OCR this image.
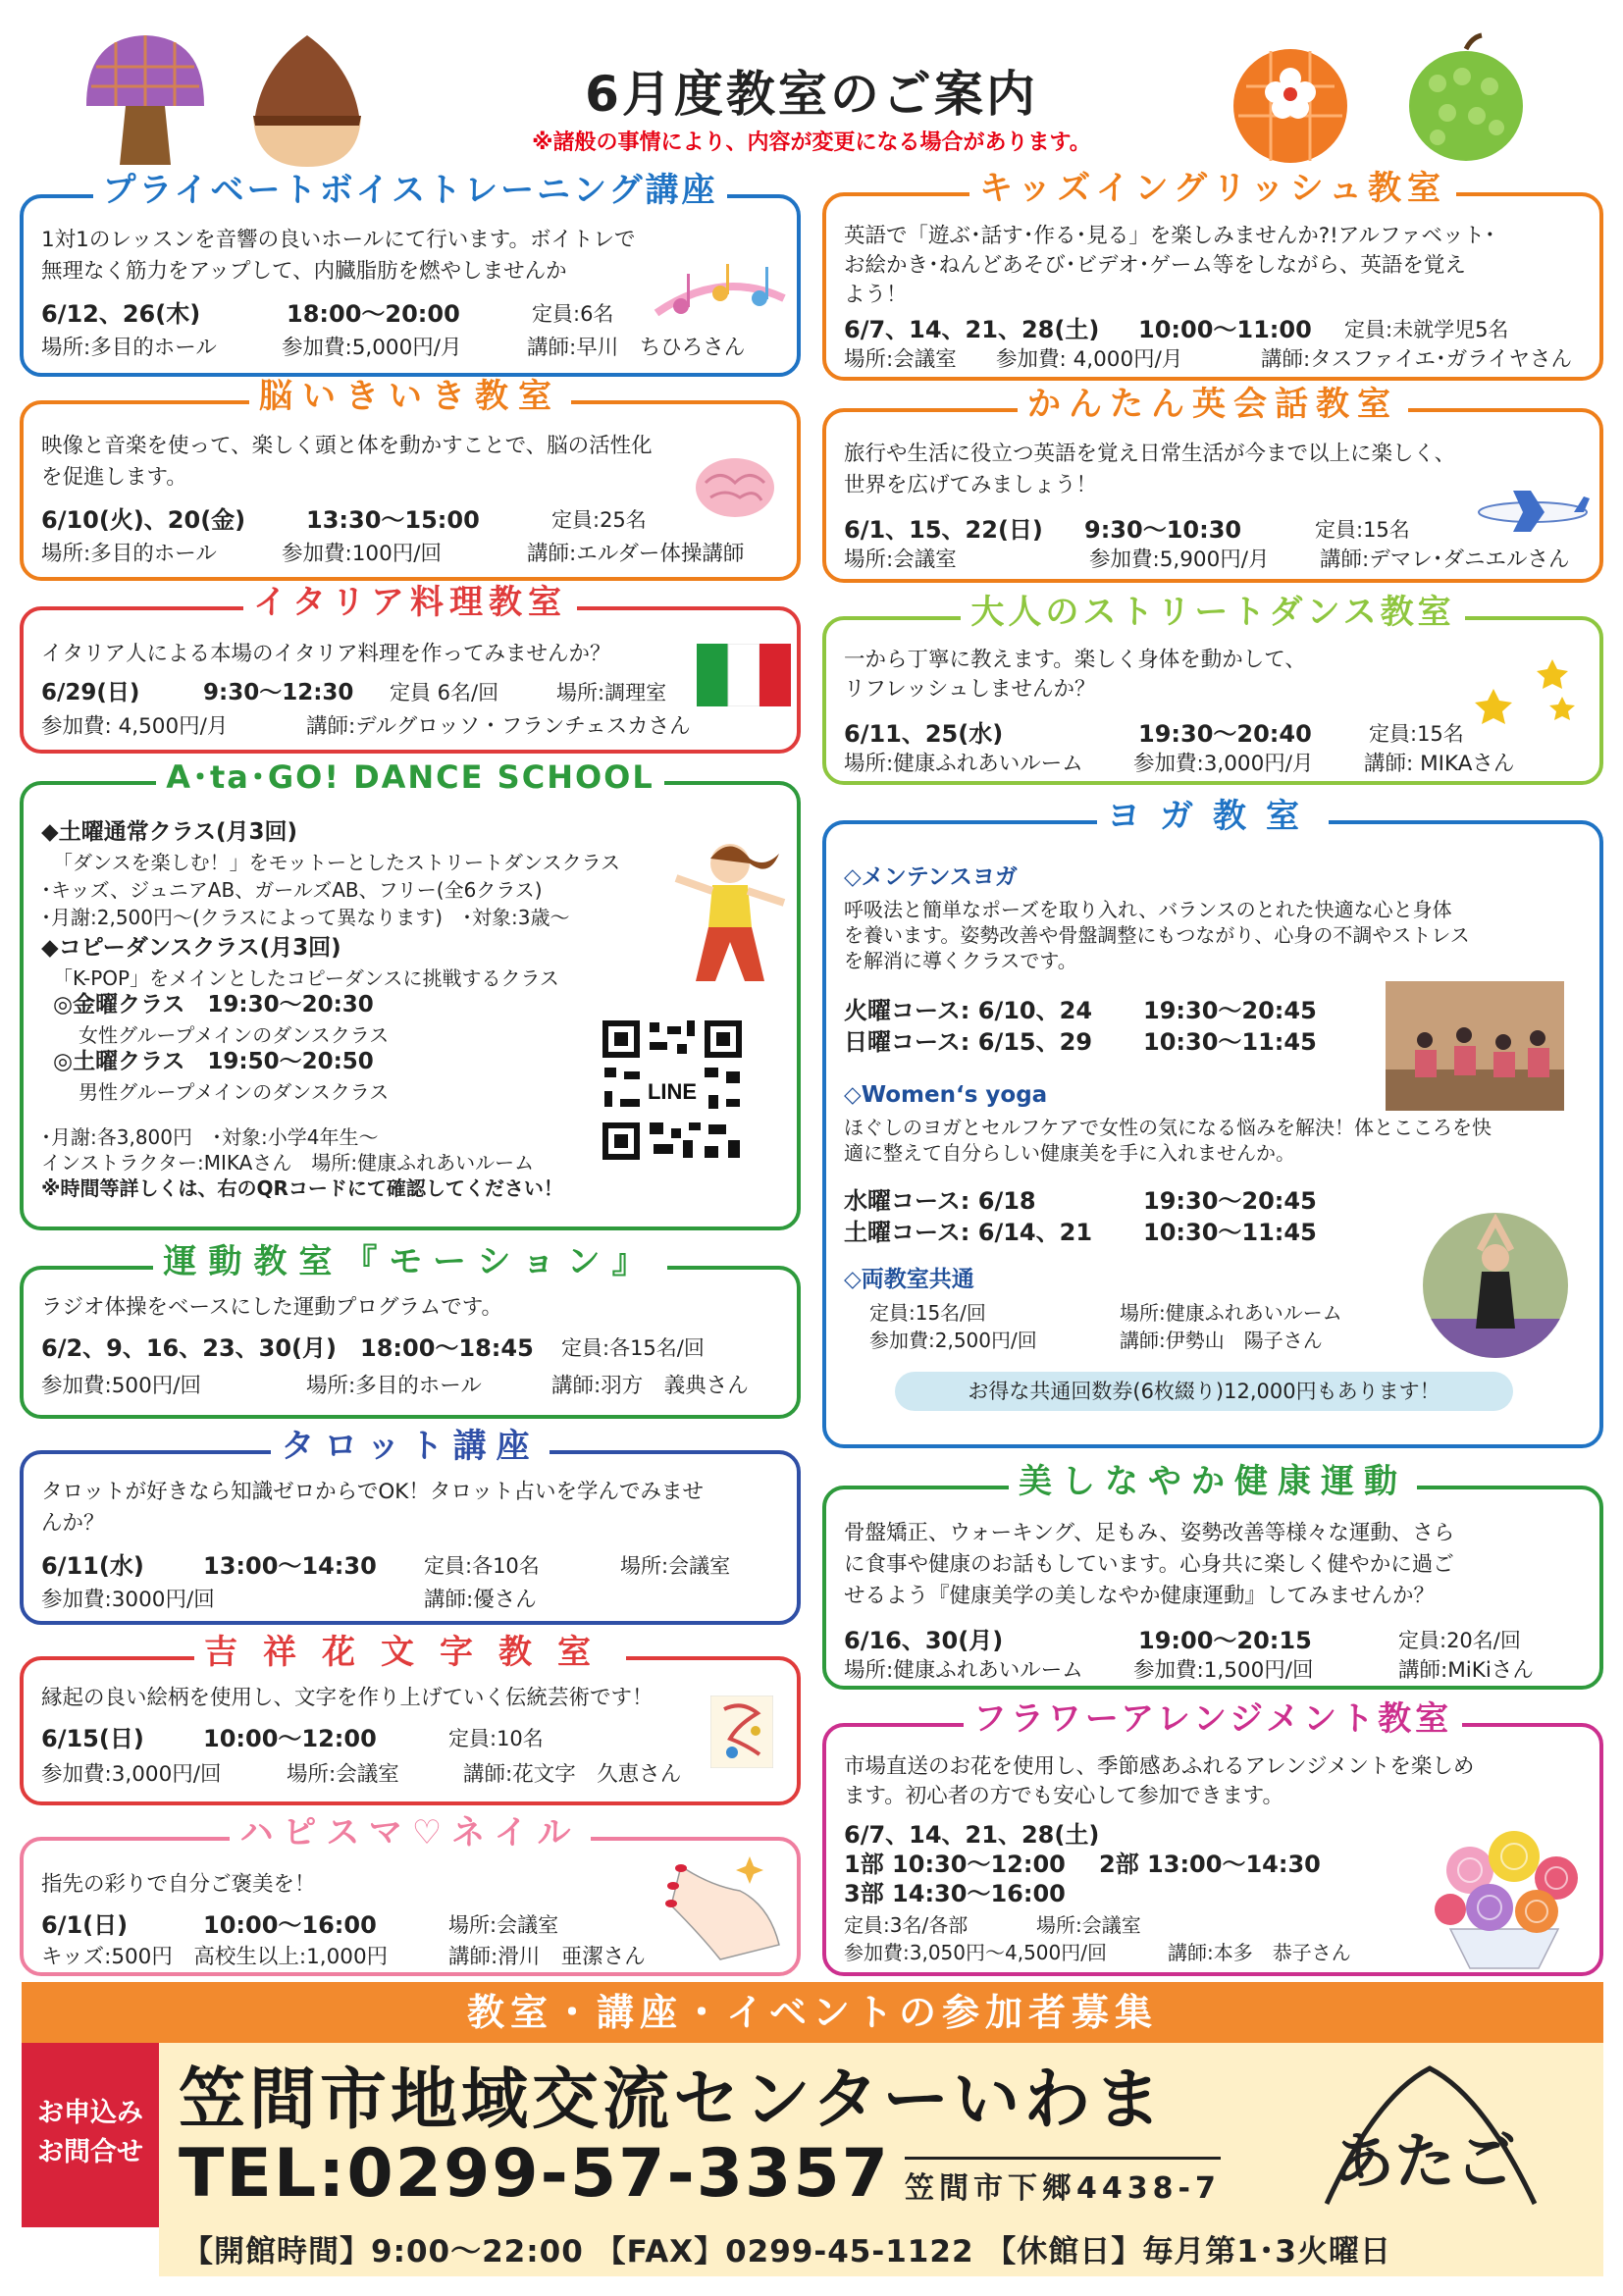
6月度教室のご案内
※諸般の事情により、内容が変更になる場合があります。
プライベートボイストレーニング講座
1対1のレッスンを音響の良いホールにて行います。ボイトレで
無理なく筋力をアップして、内臓脂肪を燃やしませんか
6/12、26(木)	18:00～20:00	定員:6名
場所:多目的ホール	参加費:5,000円/月	講師:早川　ちひろさん
脳いきいき教室
映像と音楽を使って、楽しく頭と体を動かすことで、脳の活性化
を促進します。
6/10(火)、20(金)	13:30～15:00	定員:25名
場所:多目的ホール	参加費:100円/回	講師:エルダー体操講師
イタリア料理教室
イタリア人による本場のイタリア料理を作ってみませんか？
6/29(日)	9:30～12:30	定員 6名/回	場所:調理室
参加費: 4,500円/月	講師:デルグロッソ・フランチェスカさん
A･ta･GO! DANCE SCHOOL
◆土曜通常クラス(月3回)
「ダンスを楽しむ！」をモットーとしたストリートダンスクラス
･キッズ、ジュニアAB、ガールズAB、フリー(全6クラス)
･月謝:2,500円～(クラスによって異なります)　･対象:3歳～
◆コピーダンスクラス(月3回)
「K-POP」をメインとしたコピーダンスに挑戦するクラス
◎金曜クラス　19:30～20:30
女性グループメインのダンスクラス
◎土曜クラス　19:50～20:50
男性グループメインのダンスクラス
･月謝:各3,800円　･対象:小学4年生～
インストラクター:MIKAさん　場所:健康ふれあいルーム
※時間等詳しくは、右のQRコードにて確認してください！
LINE
運動教室『モーション』
ラジオ体操をベースにした運動プログラムです。
6/2、9、16、23、30(月)　18:00～18:45	定員:各15名/回
参加費:500円/回	場所:多目的ホール	講師:羽方　義典さん
タロット講座
タロットが好きなら知識ゼロからでOK！タロット占いを学んでみませ
んか？
6/11(水)	13:00～14:30	定員:各10名	場所:会議室
参加費:3000円/回	講師:優さん
吉祥花文字教室
縁起の良い絵柄を使用し、文字を作り上げていく伝統芸術です！
6/15(日)	10:00～12:00	定員:10名
参加費:3,000円/回	場所:会議室	講師:花文字　久恵さん
ハピスマ♡ネイル
指先の彩りで自分ご褒美を！
6/1(日)	10:00～16:00	場所:会議室
キッズ:500円　高校生以上:1,000円	講師:滑川　亜潔さん
キッズイングリッシュ教室
英語で「遊ぶ･話す･作る･見る」を楽しみませんか?!アルファベット･
お絵かき･ねんどあそび･ビデオ･ゲーム等をしながら、英語を覚え
よう！
6/7、14、21、28(土)	10:00～11:00	定員:未就学児5名
場所:会議室	参加費: 4,000円/月	講師:タスファイエ･ガライヤさん
かんたん英会話教室
旅行や生活に役立つ英語を覚え日常生活が今まで以上に楽しく、
世界を広げてみましょう！
6/1、15、22(日)	9:30～10:30	定員:15名
場所:会議室	参加費:5,900円/月	講師:デマレ･ダニエルさん
大人のストリートダンス教室
一から丁寧に教えます。楽しく身体を動かして、
リフレッシュしませんか？
6/11、25(水)	19:30～20:40	定員:15名
場所:健康ふれあいルーム	参加費:3,000円/月	講師: MIKAさん
ヨガ教室
◇メンテンスヨガ
呼吸法と簡単なポーズを取り入れ、バランスのとれた快適な心と身体
を養います。姿勢改善や骨盤調整にもつながり、心身の不調やストレス
を解消に導くクラスです。
火曜コース: 6/10、24	19:30～20:45
日曜コース: 6/15、29	10:30～11:45
◇Women‘s yoga
ほぐしのヨガとセルフケアで女性の気になる悩みを解決！体とこころを快
適に整えて自分らしい健康美を手に入れませんか。
水曜コース: 6/18	19:30～20:45
土曜コース: 6/14、21	10:30～11:45
◇両教室共通
定員:15名/回	場所:健康ふれあいルーム
参加費:2,500円/回	講師:伊勢山　陽子さん
お得な共通回数券(6枚綴り)12,000円もあります！
美しなやか健康運動
骨盤矯正、ウォーキング、足もみ、姿勢改善等様々な運動、さら
に食事や健康のお話もしています。心身共に楽しく健やかに過ご
せるよう『健康美学の美しなやか健康運動』してみませんか？
6/16、30(月)	19:00～20:15	定員:20名/回
場所:健康ふれあいルーム	参加費:1,500円/回	講師:MiKiさん
フラワーアレンジメント教室
市場直送のお花を使用し、季節感あふれるアレンジメントを楽しめ
ます。初心者の方でも安心して参加できます。
6/7、14、21、28(土)
1部 10:30～12:00	2部 13:00～14:30
3部 14:30～16:00
定員:3名/各部	場所:会議室
参加費:3,050円～4,500円/回	講師:本多　恭子さん
教室・講座・イベントの参加者募集
お申込み
お問合せ
笠間市地域交流センターいわま
TEL:0299-57-3357 笠間市下郷4438-7 あたご
【開館時間】9:00～22:00 【FAX】0299-45-1122 【休館日】毎月第1･3火曜日
